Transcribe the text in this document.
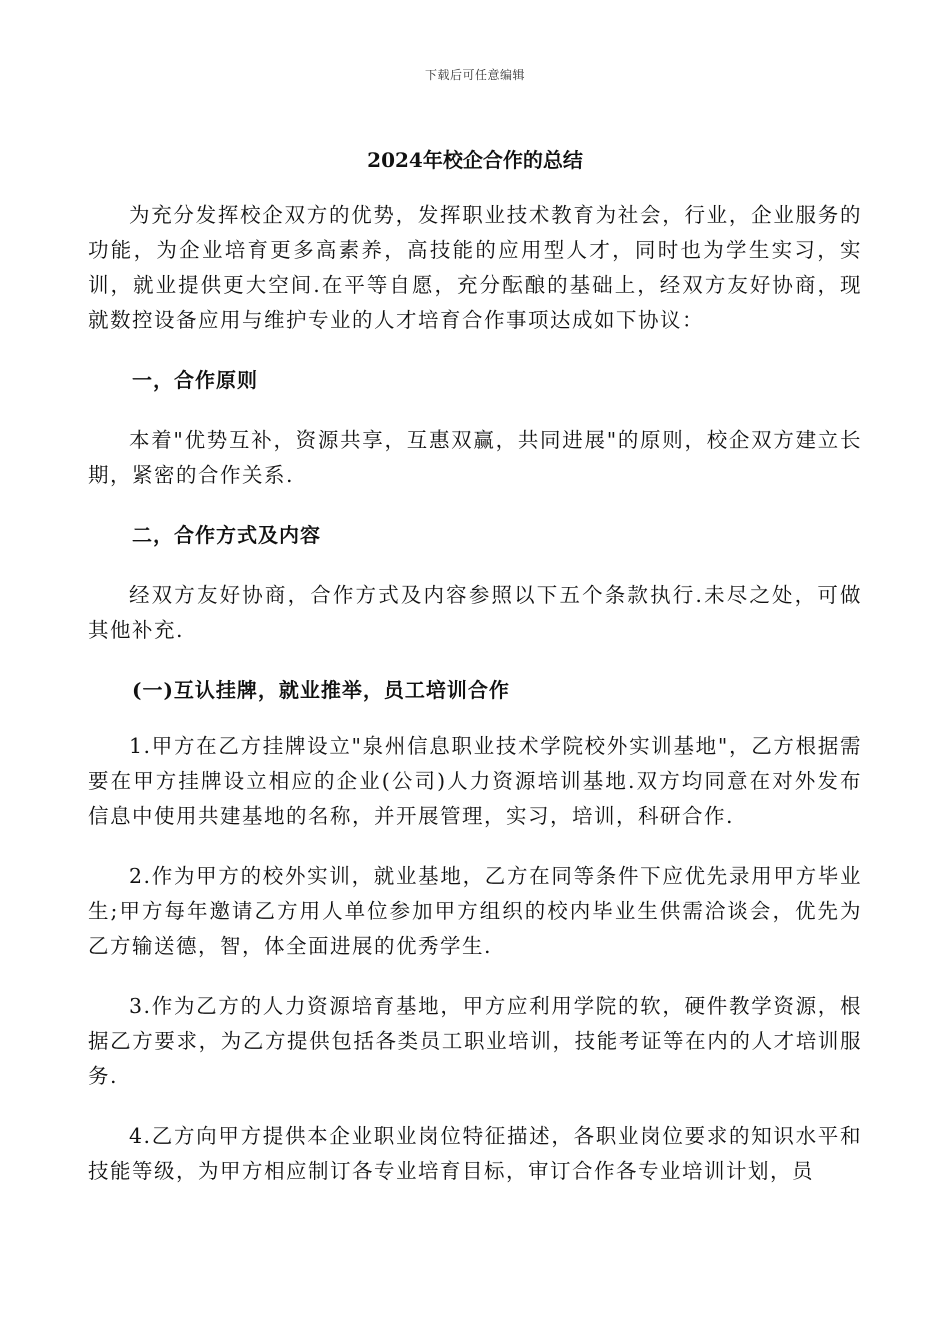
下载后可任意编辑
2024年校企合作的总结

为充分发挥校企双方的优势，发挥职业技术教育为社会，行业，企业服务的功能，为企业培育更多高素养，高技能的应用型人才，同时也为学生实习，实训，就业提供更大空间.在平等自愿，充分酝酿的基础上，经双方友好协商，现就数控设备应用与维护专业的人才培育合作事项达成如下协议：

一，合作原则

本着"优势互补，资源共享，互惠双赢，共同进展"的原则，校企双方建立长期，紧密的合作关系.

二，合作方式及内容

经双方友好协商，合作方式及内容参照以下五个条款执行.未尽之处，可做其他补充.

(一)互认挂牌，就业推举，员工培训合作

1.甲方在乙方挂牌设立"泉州信息职业技术学院校外实训基地"，乙方根据需要在甲方挂牌设立相应的企业(公司)人力资源培训基地.双方均同意在对外发布信息中使用共建基地的名称，并开展管理，实习，培训，科研合作.

2.作为甲方的校外实训，就业基地，乙方在同等条件下应优先录用甲方毕业生;甲方每年邀请乙方用人单位参加甲方组织的校内毕业生供需洽谈会，优先为乙方输送德，智，体全面进展的优秀学生.

3.作为乙方的人力资源培育基地，甲方应利用学院的软，硬件教学资源，根据乙方要求，为乙方提供包括各类员工职业培训，技能考证等在内的人才培训服务.

4.乙方向甲方提供本企业职业岗位特征描述，各职业岗位要求的知识水平和技能等级，为甲方相应制订各专业培育目标，审订合作各专业培训计划，员
